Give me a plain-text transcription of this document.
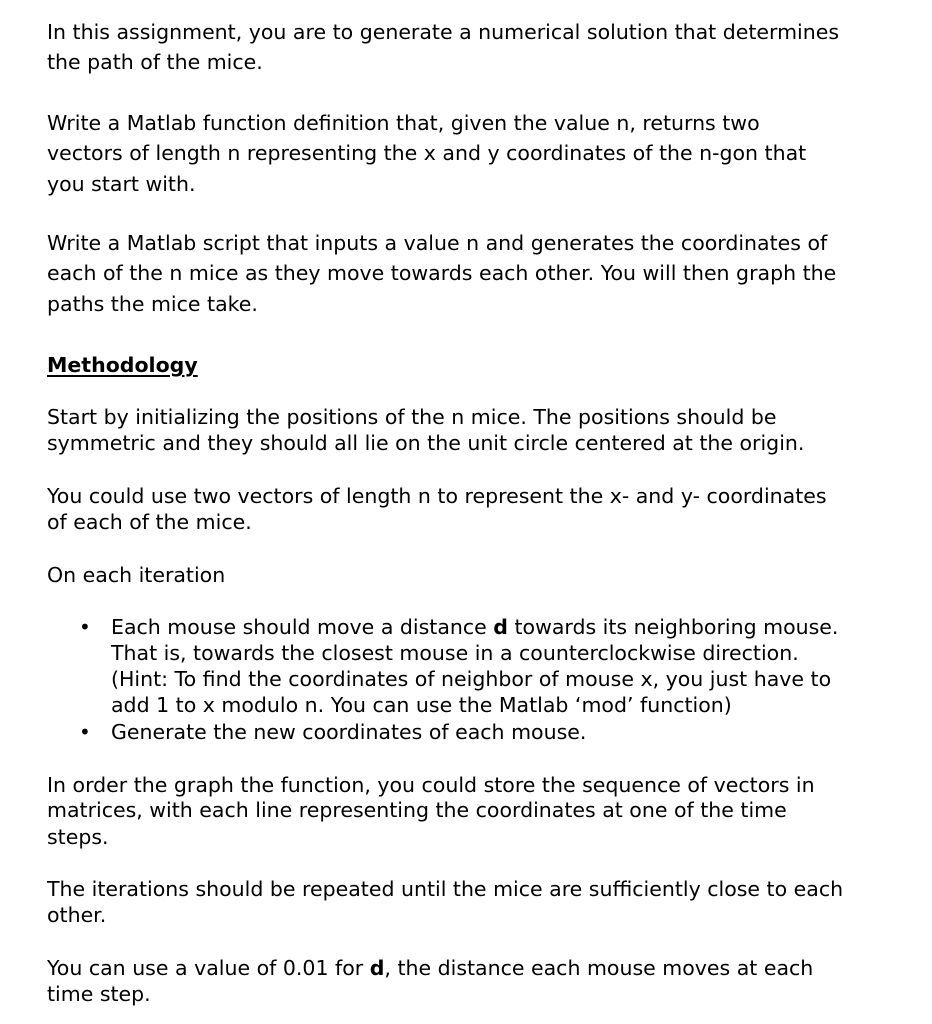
In this assignment, you are to generate a numerical solution that determines
the path of the mice.
Write a Matlab function definition that, given the value n, returns two
vectors of length n representing the x and y coordinates of the n-gon that
you start with.
Write a Matlab script that inputs a value n and generates the coordinates of
each of the n mice as they move towards each other. You will then graph the
paths the mice take.
Methodology
Start by initializing the positions of the n mice. The positions should be
symmetric and they should all lie on the unit circle centered at the origin.
You could use two vectors of length n to represent the x- and y- coordinates
of each of the mice.
On each iteration
• Each mouse should move a distance d towards its neighboring mouse.
That is, towards the closest mouse in a counterclockwise direction.
(Hint: To find the coordinates of neighbor of mouse x, you just have to
add 1 to x modulo n. You can use the Matlab ‘mod’ function)
• Generate the new coordinates of each mouse.
In order the graph the function, you could store the sequence of vectors in
matrices, with each line representing the coordinates at one of the time
steps.
The iterations should be repeated until the mice are sufficiently close to each
other.
You can use a value of 0.01 for d, the distance each mouse moves at each
time step.
